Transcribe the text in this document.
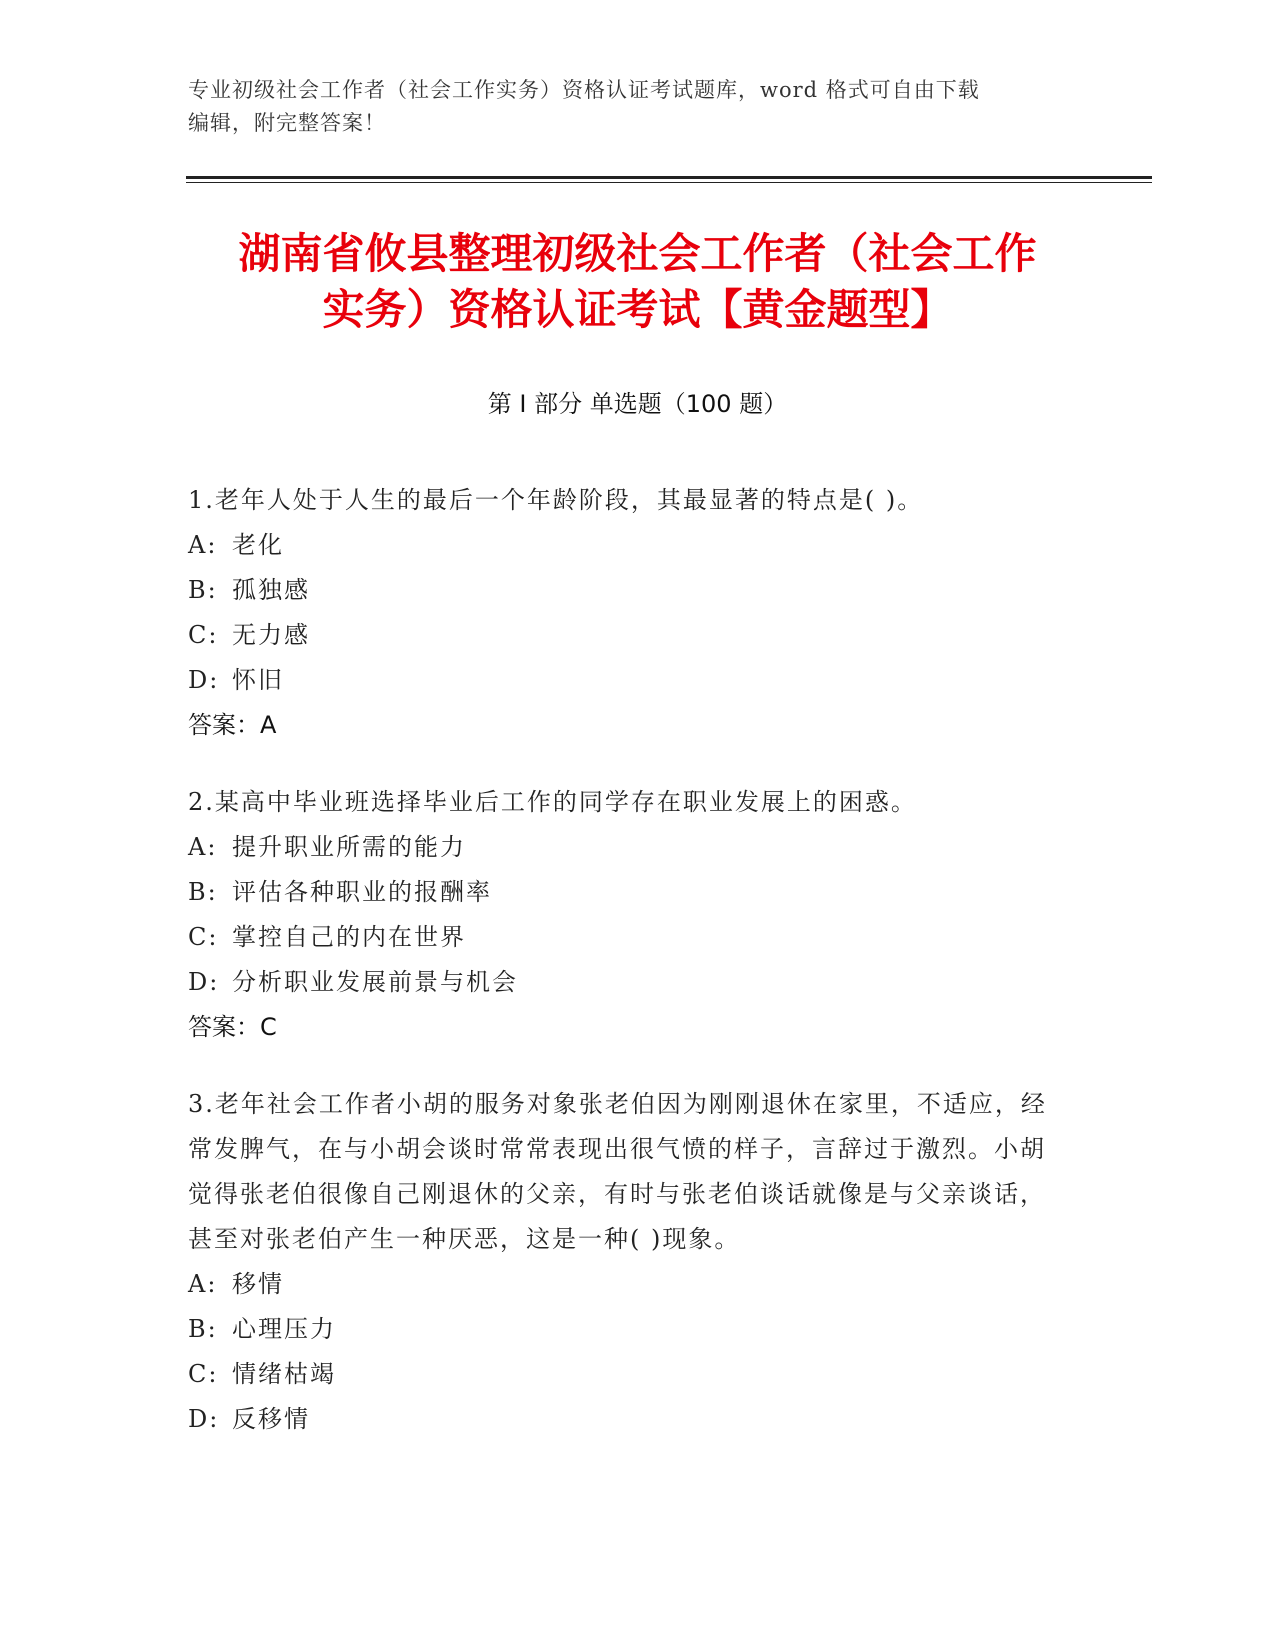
专业初级社会工作者（社会工作实务）资格认证考试题库，word 格式可自由下载
编辑，附完整答案！
湖南省攸县整理初级社会工作者（社会工作
实务）资格认证考试【黄金题型】
第 I 部分 单选题（100 题）
1.老年人处于人生的最后一个年龄阶段，其最显著的特点是( )。
A: 老化
B: 孤独感
C: 无力感
D: 怀旧
答案：A
2.某高中毕业班选择毕业后工作的同学存在职业发展上的困惑。
A: 提升职业所需的能力
B: 评估各种职业的报酬率
C: 掌控自己的内在世界
D: 分析职业发展前景与机会
答案：C
3.老年社会工作者小胡的服务对象张老伯因为刚刚退休在家里，不适应，经常发脾气，在与小胡会谈时常常表现出很气愤的样子，言辞过于激烈。小胡觉得张老伯很像自己刚退休的父亲，有时与张老伯谈话就像是与父亲谈话，甚至对张老伯产生一种厌恶，这是一种( )现象。
A: 移情
B: 心理压力
C: 情绪枯竭
D: 反移情
